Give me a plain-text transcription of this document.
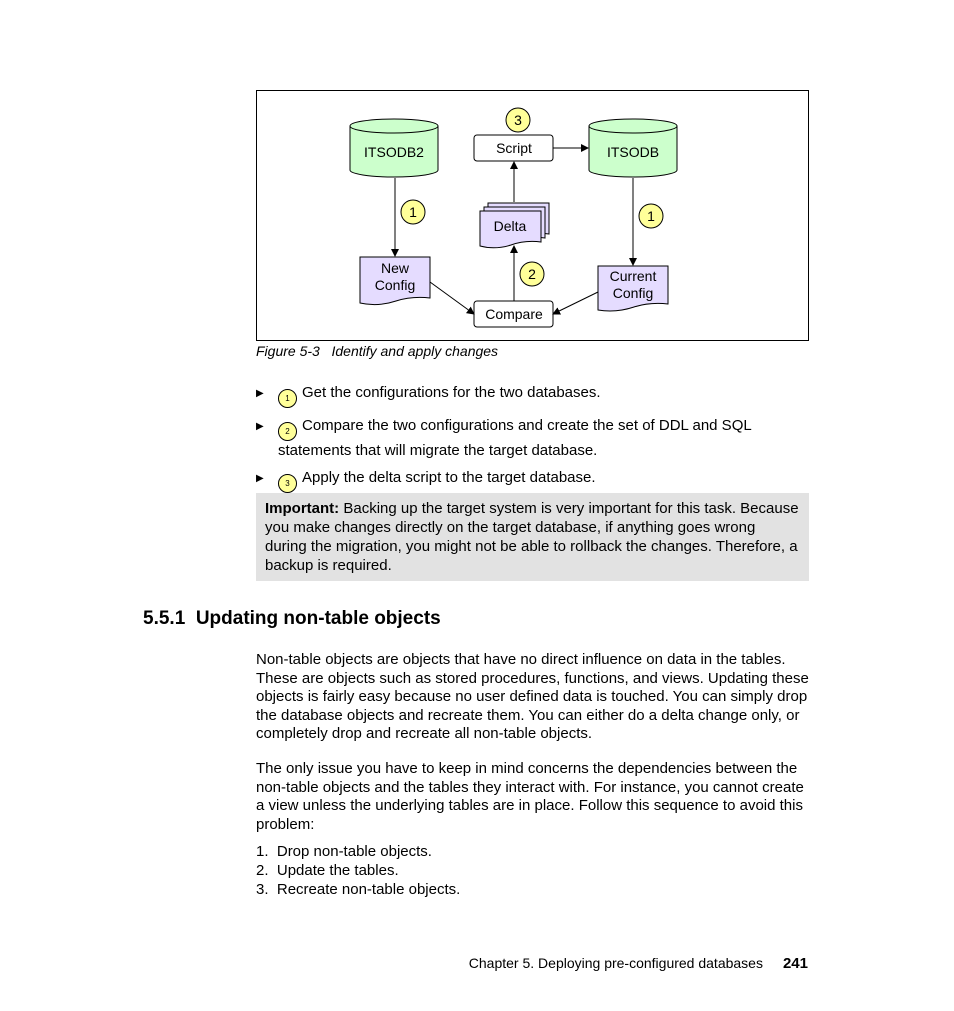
ITSODB2	ITSODB
Script
3
Delta
New
Config
Current
Config
Compare
1	1
2
Figure 5-3 Identify and apply changes
▶	1 Get the configurations for the two databases.
▶	2 Compare the two configurations and create the set of DDL and SQL statements that will migrate the target database.
▶	3 Apply the delta script to the target database.
Important: Backing up the target system is very important for this task. Because you make changes directly on the target database, if anything goes wrong during the migration, you might not be able to rollback the changes. Therefore, a backup is required.
5.5.1 Updating non-table objects
Non-table objects are objects that have no direct influence on data in the tables. These are objects such as stored procedures, functions, and views. Updating these objects is fairly easy because no user defined data is touched. You can simply drop the database objects and recreate them. You can either do a delta change only, or completely drop and recreate all non-table objects.
The only issue you have to keep in mind concerns the dependencies between the non-table objects and the tables they interact with. For instance, you cannot create a view unless the underlying tables are in place. Follow this sequence to avoid this problem:
1. Drop non-table objects.
2. Update the tables.
3. Recreate non-table objects.
Chapter 5. Deploying pre-configured databases 241
